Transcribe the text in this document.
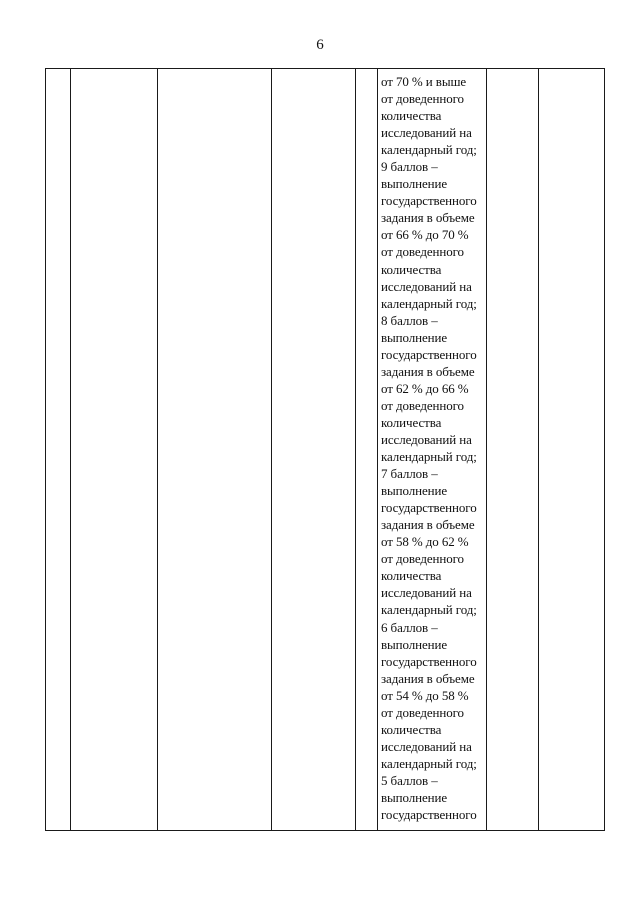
6
от 70 % и выше
от доведенного
количества
исследований на
календарный год;
9 баллов –
выполнение
государственного
задания в объеме
от 66 % до 70 %
от доведенного
количества
исследований на
календарный год;
8 баллов –
выполнение
государственного
задания в объеме
от 62 % до 66 %
от доведенного
количества
исследований на
календарный год;
7 баллов –
выполнение
государственного
задания в объеме
от 58 % до 62 %
от доведенного
количества
исследований на
календарный год;
6 баллов –
выполнение
государственного
задания в объеме
от 54 % до 58 %
от доведенного
количества
исследований на
календарный год;
5 баллов –
выполнение
государственного
